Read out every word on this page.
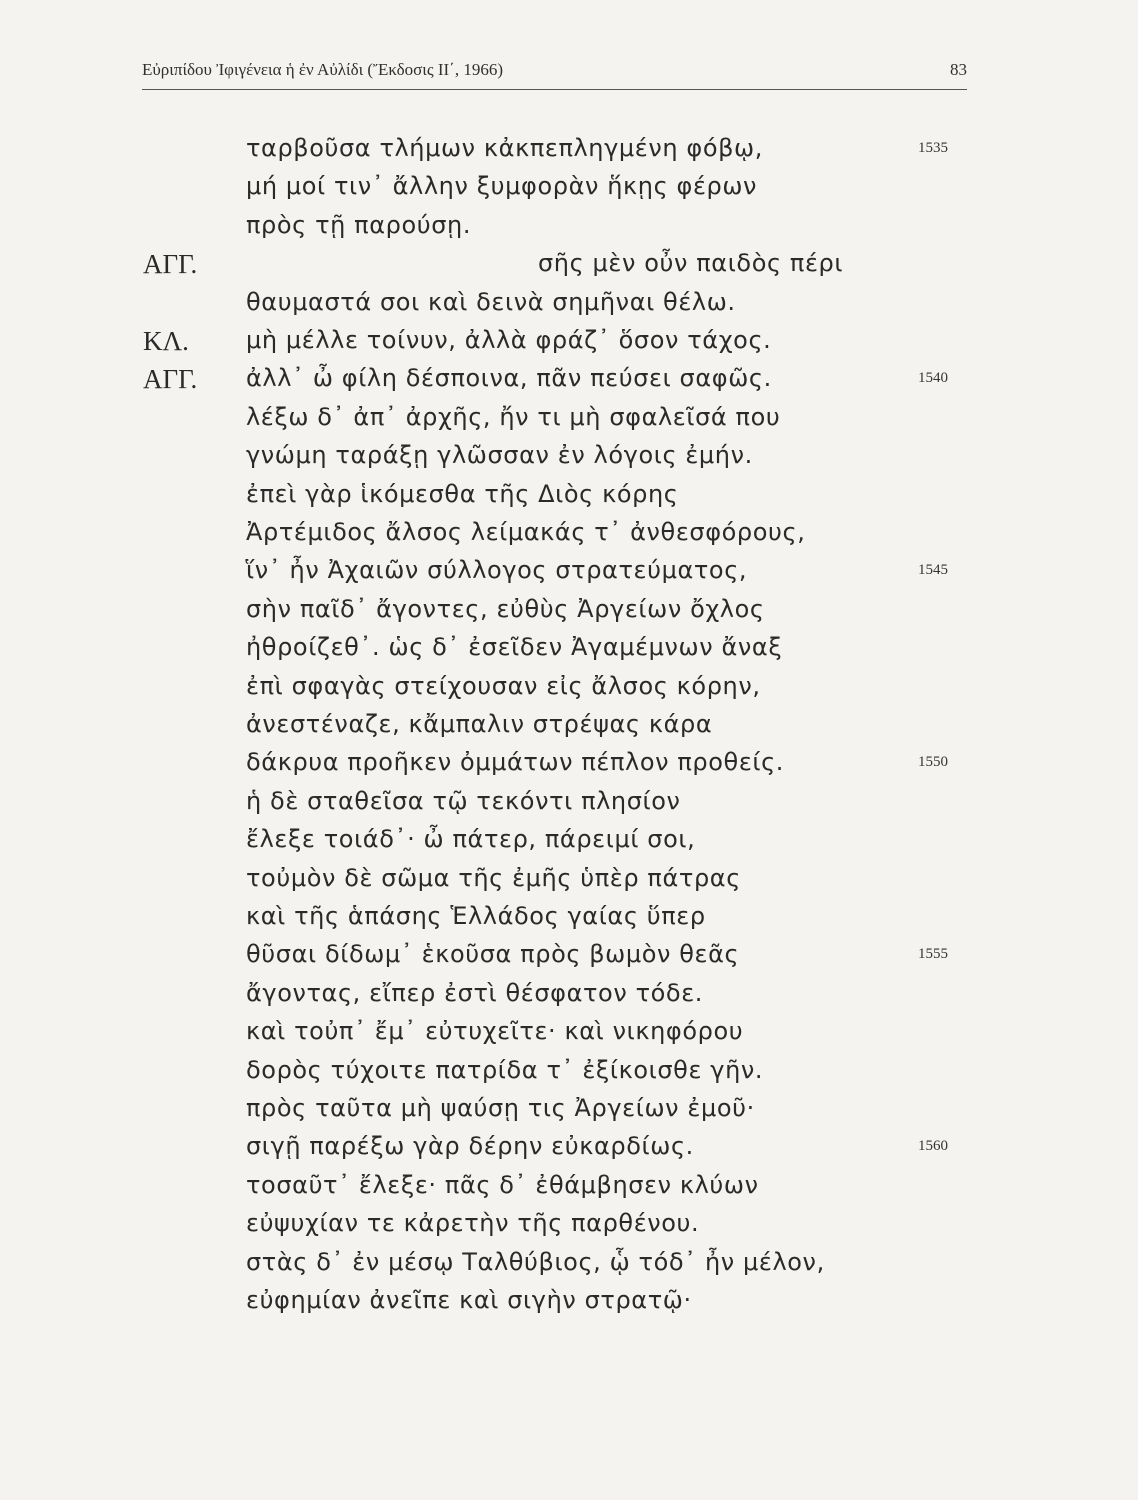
Εὐριπίδου Ἰφιγένεια ἡ ἐν Αὐλίδι (Ἔκδοσις ΙΙ΄, 1966)	83
ταρβοῦσα τλήμων κἀκπεπληγμένη φόβῳ,	1535
μή μοί τιν᾽ ἄλλην ξυμφορὰν ἥκῃς φέρων
πρὸς τῇ παρούσῃ.
ΑΓΓ.	σῆς μὲν οὖν παιδὸς πέρι
θαυμαστά σοι καὶ δεινὰ σημῆναι θέλω.
ΚΛ. μὴ μέλλε τοίνυν, ἀλλὰ φράζ᾽ ὅσον τάχος.
ΑΓΓ. ἀλλ᾽ ὦ φίλη δέσποινα, πᾶν πεύσει σαφῶς.	1540
λέξω δ᾽ ἀπ᾽ ἀρχῆς, ἤν τι μὴ σφαλεῖσά που
γνώμη ταράξῃ γλῶσσαν ἐν λόγοις ἐμήν.
ἐπεὶ γὰρ ἱκόμεσθα τῆς Διὸς κόρης
Ἀρτέμιδος ἄλσος λείμακάς τ᾽ ἀνθεσφόρους,
ἵν᾽ ἦν Ἀχαιῶν σύλλογος στρατεύματος,	1545
σὴν παῖδ᾽ ἄγοντες, εὐθὺς Ἀργείων ὄχλος
ἠθροίζεθ᾽. ὡς δ᾽ ἐσεῖδεν Ἀγαμέμνων ἄναξ
ἐπὶ σφαγὰς στείχουσαν εἰς ἄλσος κόρην,
ἀνεστέναζε, κἄμπαλιν στρέψας κάρα
δάκρυα προῆκεν ὀμμάτων πέπλον προθείς.	1550
ἡ δὲ σταθεῖσα τῷ τεκόντι πλησίον
ἔλεξε τοιάδ᾽· ὦ πάτερ, πάρειμί σοι,
τοὐμὸν δὲ σῶμα τῆς ἐμῆς ὑπὲρ πάτρας
καὶ τῆς ἁπάσης Ἑλλάδος γαίας ὕπερ
θῦσαι δίδωμ᾽ ἑκοῦσα πρὸς βωμὸν θεᾶς	1555
ἄγοντας, εἴπερ ἐστὶ θέσφατον τόδε.
καὶ τοὐπ᾽ ἔμ᾽ εὐτυχεῖτε· καὶ νικηφόρου
δορὸς τύχοιτε πατρίδα τ᾽ ἐξίκοισθε γῆν.
πρὸς ταῦτα μὴ ψαύσῃ τις Ἀργείων ἐμοῦ·
σιγῇ παρέξω γὰρ δέρην εὐκαρδίως.	1560
τοσαῦτ᾽ ἔλεξε· πᾶς δ᾽ ἐθάμβησεν κλύων
εὐψυχίαν τε κἀρετὴν τῆς παρθένου.
στὰς δ᾽ ἐν μέσῳ Ταλθύβιος, ᾧ τόδ᾽ ἦν μέλον,
εὐφημίαν ἀνεῖπε καὶ σιγὴν στρατῷ·
